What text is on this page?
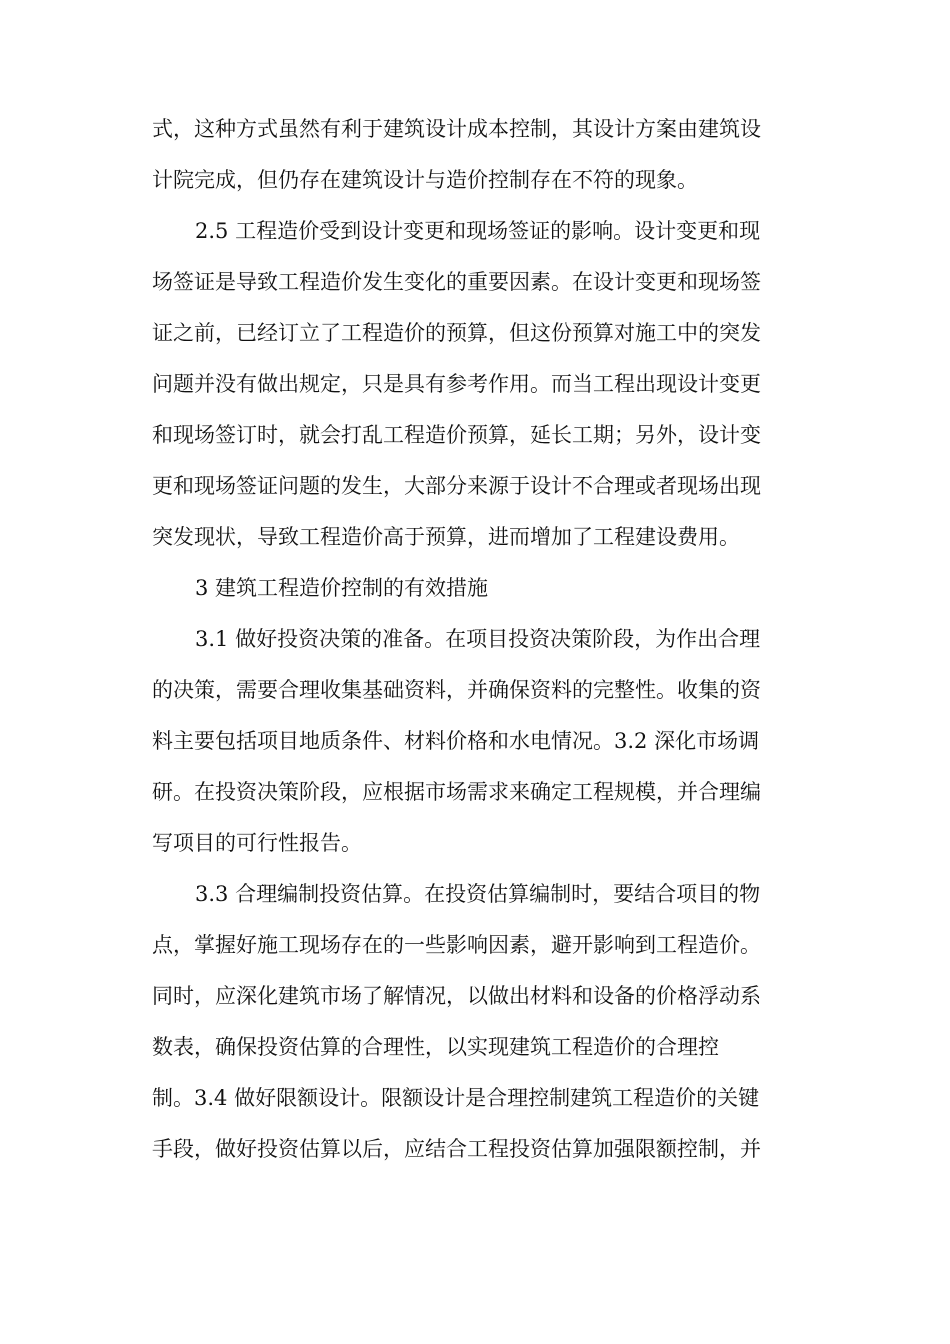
式，这种方式虽然有利于建筑设计成本控制，其设计方案由建筑设
计院完成，但仍存在建筑设计与造价控制存在不符的现象。
2.5 工程造价受到设计变更和现场签证的影响。设计变更和现
场签证是导致工程造价发生变化的重要因素。在设计变更和现场签
证之前，已经订立了工程造价的预算，但这份预算对施工中的突发
问题并没有做出规定，只是具有参考作用。而当工程出现设计变更
和现场签订时，就会打乱工程造价预算，延长工期；另外，设计变
更和现场签证问题的发生，大部分来源于设计不合理或者现场出现
突发现状，导致工程造价高于预算，进而增加了工程建设费用。
3 建筑工程造价控制的有效措施
3.1 做好投资决策的准备。在项目投资决策阶段，为作出合理
的决策，需要合理收集基础资料，并确保资料的完整性。收集的资
料主要包括项目地质条件、材料价格和水电情况。3.2 深化市场调
研。在投资决策阶段，应根据市场需求来确定工程规模，并合理编
写项目的可行性报告。
3.3 合理编制投资估算。在投资估算编制时，要结合项目的物
点，掌握好施工现场存在的一些影响因素，避开影响到工程造价。
同时，应深化建筑市场了解情况，以做出材料和设备的价格浮动系
数表，确保投资估算的合理性，以实现建筑工程造价的合理控
制。3.4 做好限额设计。限额设计是合理控制建筑工程造价的关键
手段，做好投资估算以后，应结合工程投资估算加强限额控制，并
